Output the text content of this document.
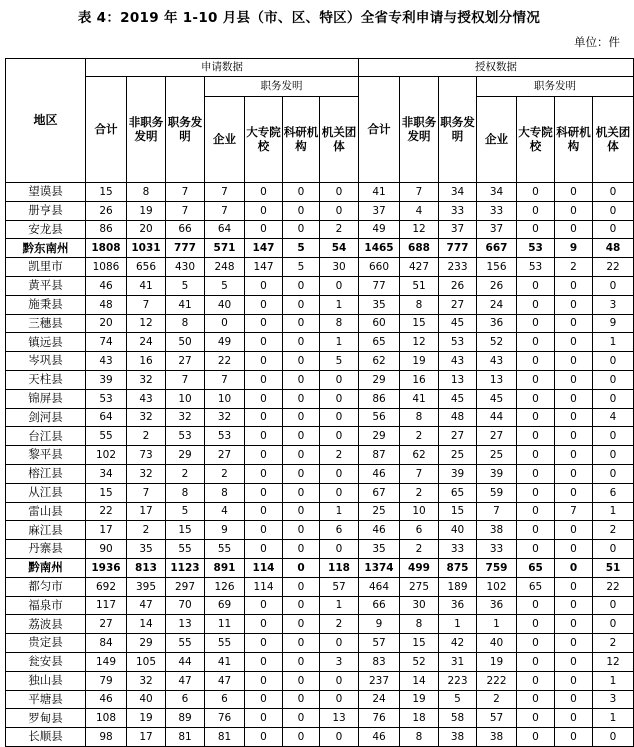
表 4：2019 年 1-10 月县（市、区、特区）全省专利申请与授权划分情况
单位：件
地区	申请数据							授权数据						
	合计	非职务发明	职务发明	职务发明				合计	非职务发明	职务发明	职务发明			
				企业	大专院校	科研机构	机关团体				企业	大专院校	科研机构	机关团体
望谟县	15	8	7	7	0	0	0	41	7	34	34	0	0	0
册亨县	26	19	7	7	0	0	0	37	4	33	33	0	0	0
安龙县	86	20	66	64	0	0	2	49	12	37	37	0	0	0
黔东南州	1808	1031	777	571	147	5	54	1465	688	777	667	53	9	48
凯里市	1086	656	430	248	147	5	30	660	427	233	156	53	2	22
黄平县	46	41	5	5	0	0	0	77	51	26	26	0	0	0
施秉县	48	7	41	40	0	0	1	35	8	27	24	0	0	3
三穗县	20	12	8	0	0	0	8	60	15	45	36	0	0	9
镇远县	74	24	50	49	0	0	1	65	12	53	52	0	0	1
岑巩县	43	16	27	22	0	0	5	62	19	43	43	0	0	0
天柱县	39	32	7	7	0	0	0	29	16	13	13	0	0	0
锦屏县	53	43	10	10	0	0	0	86	41	45	45	0	0	0
剑河县	64	32	32	32	0	0	0	56	8	48	44	0	0	4
台江县	55	2	53	53	0	0	0	29	2	27	27	0	0	0
黎平县	102	73	29	27	0	0	2	87	62	25	25	0	0	0
榕江县	34	32	2	2	0	0	0	46	7	39	39	0	0	0
从江县	15	7	8	8	0	0	0	67	2	65	59	0	0	6
雷山县	22	17	5	4	0	0	1	25	10	15	7	0	7	1
麻江县	17	2	15	9	0	0	6	46	6	40	38	0	0	2
丹寨县	90	35	55	55	0	0	0	35	2	33	33	0	0	0
黔南州	1936	813	1123	891	114	0	118	1374	499	875	759	65	0	51
都匀市	692	395	297	126	114	0	57	464	275	189	102	65	0	22
福泉市	117	47	70	69	0	0	1	66	30	36	36	0	0	0
荔波县	27	14	13	11	0	0	2	9	8	1	1	0	0	0
贵定县	84	29	55	55	0	0	0	57	15	42	40	0	0	2
瓮安县	149	105	44	41	0	0	3	83	52	31	19	0	0	12
独山县	79	32	47	47	0	0	0	237	14	223	222	0	0	1
平塘县	46	40	6	6	0	0	0	24	19	5	2	0	0	3
罗甸县	108	19	89	76	0	0	13	76	18	58	57	0	0	1
长顺县	98	17	81	81	0	0	0	46	8	38	38	0	0	0
